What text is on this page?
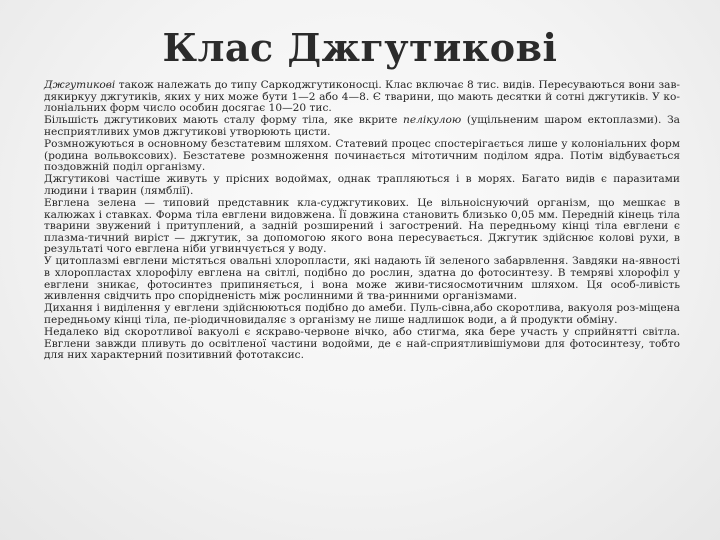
Клас Джгутикові
Джгутикові також належать до типу Саркоджгутиконосці. Клас включає 8 тис. видів. Пересуваються вони зав-дякиркуу джгутиків, яких у них може бути 1—2 або 4—8. Є тварини, що мають десятки й сотні джгутиків. У ко-лоніальних форм число особин досягає 10—20 тис.
Більшість джгутикових мають сталу форму тіла, яке вкрите пелікулою (ущільненим шаром ектоплазми). За несприятливих умов джгутикові утворюють цисти.
Розмножуються в основному безстатевим шляхом. Статевий процес спостерігається лише у колоніальних форм (родина вольвоксових). Безстатеве розмноження починається мітотичним поділом ядра. Потім відбувається поздовжній поділ організму.
Джгутикові частіше живуть у прісних водоймах, однак трапляються і в морях. Багато видів є паразитами людини і тварин (лямблії).
Евглена зелена — типовий представник кла-суджгутикових. Це вільноіснуючий організм, що мешкає в калюжах і ставках. Форма тіла евглени видовжена. Її довжина становить близько 0,05 мм. Передній кінець тіла тварини звужений і притуплений, а задній розширений і загострений. На передньому кінці тіла евглени є плазма-тичний виріст — джгутик, за допомогою якого вона пересувається. Джгутик здійснює колові рухи, в результаті чого евглена ніби угвинчується у воду.
У цитоплазмі евглени містяться овальні хлоропласти, які надають їй зеленого забарвлення. Завдяки на-явності в хлоропластах хлорофілу евглена на світлі, подібно до рослин, здатна до фотосинтезу. В темряві хлорофіл у евглени зникає, фотосинтез припиняється, і вона може живи-тисяосмотичним шляхом. Ця особ-ливість живлення свідчить про спорідненість між рослинними й тва-ринними організмами.
Дихання і виділення у евглени здійснюються подібно до амеби. Пуль-сівна,або скоротлива, вакуоля роз-міщена передньому кінці тіла, пе-ріодичновидаляє з організму не лише надлишок води, а й продукти обміну.
Недалеко від скоротливої вакуолі є яскраво-червоне вічко, або стигма, яка бере участь у сприйнятті світла. Евглени завжди пливуть до освітленої частини водойми, де є най-сприятливішіумови для фотосинтезу, тобто для них характерний позитивний фототаксис.
